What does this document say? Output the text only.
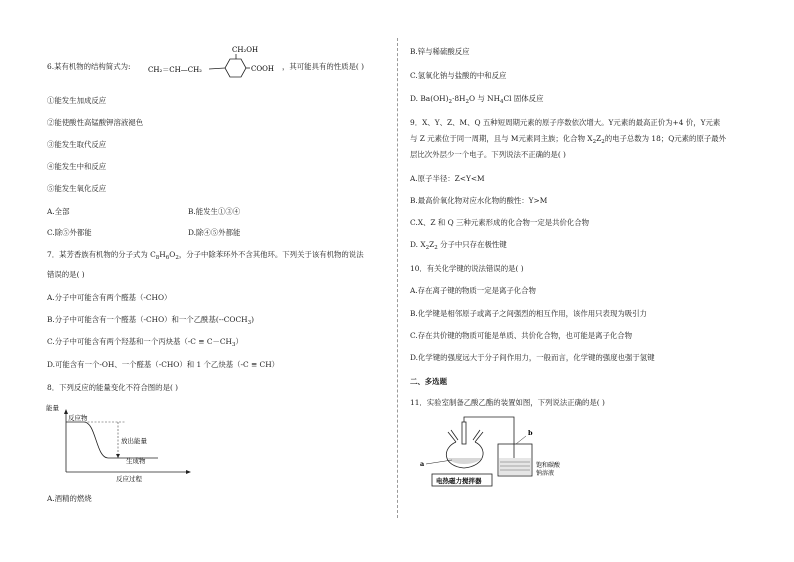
6.某有机物的结构简式为:
CH₂OH
CH₂＝CH—CH₂	COOH ，其可能具有的性质是( )
①能发生加成反应
②能使酸性高锰酸钾溶液褪色
③能发生取代反应
④能发生中和反应
⑤能发生氧化反应
A.全部	B.能发生①③④
C.除⑤外都能	D.除④⑤外都能
7．某芳香族有机物的分子式为 $C_8H_6O_2$，分子中除苯环外不含其他环。下列关于该有机物的说法
错误的是( )
A.分子中可能含有两个醛基（-CHO）
B.分子中可能含有一个醛基（-CHO）和一个乙酰基$(--COCH_3)$
C.分子中可能含有两个羟基和一个丙炔基$(-C \equiv C-CH_3)$
D.可能含有一个-OH、一个醛基（-CHO）和 1 个乙炔基（-C ≡ CH）
8．下列反应的能量变化不符合图的是( )
能量
反应物
放出能量
生成物
反应过程
A.酒精的燃烧
B.锌与稀硫酸反应
C.氢氧化钠与盐酸的中和反应
D. $Ba(OH)_2\cdot 8H_2O$ 与 $NH_4Cl$ 固体反应
9．X、Y、Z、M、Q 五种短周期元素的原子序数依次增大。Y元素的最高正价为+4 价，Y元素
与 Z 元素位于同一周期，且与 M元素同主族；化合物 $X_2Z_2$的电子总数为 18；Q元素的原子最外
层比次外层少一个电子。下列说法不正确的是( )
A.原子半径：Z<Y<M
B.最高价氧化物对应水化物的酸性：Y>M
C.X、Z 和 Q 三种元素形成的化合物一定是共价化合物
D. $X_2Z_2$ 分子中只存在极性键
10．有关化学键的说法错误的是( )
A.存在离子键的物质一定是离子化合物
B.化学键是相邻原子或离子之间强烈的相互作用，该作用只表现为吸引力
C.存在共价键的物质可能是单质、共价化合物，也可能是离子化合物
D.化学键的强度远大于分子间作用力，一般而言，化学键的强度也强于氢键
二、多选题
11．实验室制备乙酸乙酯的装置如图，下列说法正确的是( )
电热磁力搅拌器
a
b
饱和碳酸钠溶液
